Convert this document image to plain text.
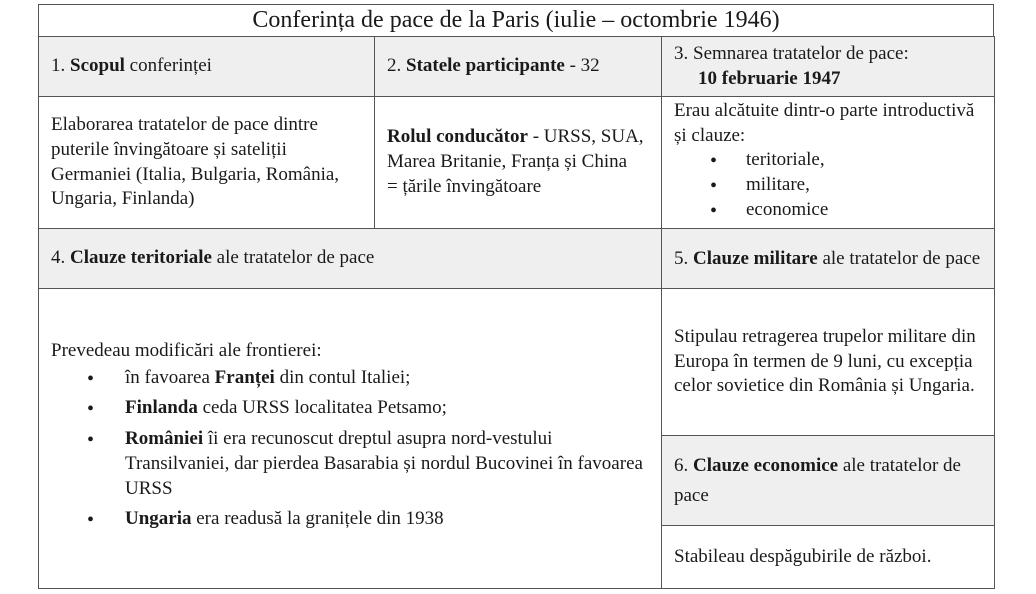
Conferința de pace de la Paris (iulie – octombrie 1946)
1. Scopul conferinței	2. Statele participante - 32
3. Semnarea tratatelor de pace:
10 februarie 1947

Elaborarea tratatelor de pace dintre puterile învingătoare și sateliții Germaniei (Italia, Bulgaria, România, Ungaria, Finlanda)

Rolul conducător - URSS, SUA, Marea Britanie, Franța și China

= țările învingătoare

Erau alcătuite dintr-o parte introductivă și clauze:

• teritoriale,
• militare,
• economice
4. Clauze teritoriale ale tratatelor de pace	5. Clauze militare ale tratatelor de pace

Prevedeau modificări ale frontierei:

• în favoarea Franței din contul Italiei;
• Finlanda ceda URSS localitatea Petsamo;
• României îi era recunoscut dreptul asupra nord-vestului Transilvaniei, dar pierdea Basarabia și nordul Bucovinei în favoarea URSS
• Ungaria era readusă la granițele din 1938

Stipulau retragerea trupelor militare din Europa în termen de 9 luni, cu excepția celor sovietice din România și Ungaria.

6. Clauze economice ale tratatelor de pace

Stabileau despăgubirile de război.
